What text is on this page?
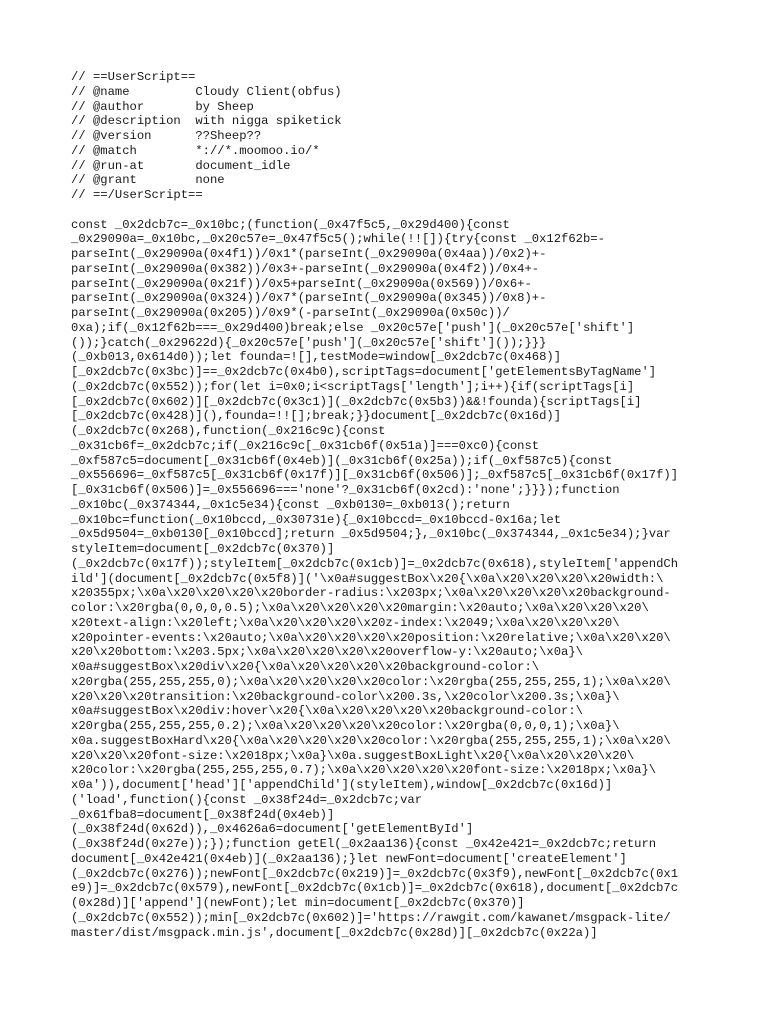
// ==UserScript==
// @name         Cloudy Client(obfus)
// @author       by Sheep
// @description  with nigga spiketick
// @version      ??Sheep??
// @match        *://*.moomoo.io/*
// @run-at       document_idle
// @grant        none
// ==/UserScript==
const _0x2dcb7c=_0x10bc;(function(_0x47f5c5,_0x29d400){const
_0x29090a=_0x10bc,_0x20c57e=_0x47f5c5();while(!![]){try{const _0x12f62b=-
parseInt(_0x29090a(0x4f1))/0x1*(parseInt(_0x29090a(0x4aa))/0x2)+-
parseInt(_0x29090a(0x382))/0x3+-parseInt(_0x29090a(0x4f2))/0x4+-
parseInt(_0x29090a(0x21f))/0x5+parseInt(_0x29090a(0x569))/0x6+-
parseInt(_0x29090a(0x324))/0x7*(parseInt(_0x29090a(0x345))/0x8)+-
parseInt(_0x29090a(0x205))/0x9*(-parseInt(_0x29090a(0x50c))/
0xa);if(_0x12f62b===_0x29d400)break;else _0x20c57e['push'](_0x20c57e['shift']
());}catch(_0x29622d){_0x20c57e['push'](_0x20c57e['shift']());}}}
(_0xb013,0x614d0));let founda=![],testMode=window[_0x2dcb7c(0x468)]
[_0x2dcb7c(0x3bc)]==_0x2dcb7c(0x4b0),scriptTags=document['getElementsByTagName']
(_0x2dcb7c(0x552));for(let i=0x0;i<scriptTags['length'];i++){if(scriptTags[i]
[_0x2dcb7c(0x602)][_0x2dcb7c(0x3c1)](_0x2dcb7c(0x5b3))&&!founda){scriptTags[i]
[_0x2dcb7c(0x428)](),founda=!![];break;}}document[_0x2dcb7c(0x16d)]
(_0x2dcb7c(0x268),function(_0x216c9c){const
_0x31cb6f=_0x2dcb7c;if(_0x216c9c[_0x31cb6f(0x51a)]===0xc0){const
_0xf587c5=document[_0x31cb6f(0x4eb)](_0x31cb6f(0x25a));if(_0xf587c5){const
_0x556696=_0xf587c5[_0x31cb6f(0x17f)][_0x31cb6f(0x506)];_0xf587c5[_0x31cb6f(0x17f)]
[_0x31cb6f(0x506)]=_0x556696==='none'?_0x31cb6f(0x2cd):'none';}}});function
_0x10bc(_0x374344,_0x1c5e34){const _0xb0130=_0xb013();return
_0x10bc=function(_0x10bccd,_0x30731e){_0x10bccd=_0x10bccd-0x16a;let
_0x5d9504=_0xb0130[_0x10bccd];return _0x5d9504;},_0x10bc(_0x374344,_0x1c5e34);}var
styleItem=document[_0x2dcb7c(0x370)]
(_0x2dcb7c(0x17f));styleItem[_0x2dcb7c(0x1cb)]=_0x2dcb7c(0x618),styleItem['appendCh
ild'](document[_0x2dcb7c(0x5f8)]('\x0a#suggestBox\x20{\x0a\x20\x20\x20\x20width:\
x20355px;\x0a\x20\x20\x20\x20border-radius:\x203px;\x0a\x20\x20\x20\x20background-
color:\x20rgba(0,0,0,0.5);\x0a\x20\x20\x20\x20margin:\x20auto;\x0a\x20\x20\x20\
x20text-align:\x20left;\x0a\x20\x20\x20\x20z-index:\x2049;\x0a\x20\x20\x20\
x20pointer-events:\x20auto;\x0a\x20\x20\x20\x20position:\x20relative;\x0a\x20\x20\
x20\x20bottom:\x203.5px;\x0a\x20\x20\x20\x20overflow-y:\x20auto;\x0a}\
x0a#suggestBox\x20div\x20{\x0a\x20\x20\x20\x20background-color:\
x20rgba(255,255,255,0);\x0a\x20\x20\x20\x20color:\x20rgba(255,255,255,1);\x0a\x20\
x20\x20\x20transition:\x20background-color\x200.3s,\x20color\x200.3s;\x0a}\
x0a#suggestBox\x20div:hover\x20{\x0a\x20\x20\x20\x20background-color:\
x20rgba(255,255,255,0.2);\x0a\x20\x20\x20\x20color:\x20rgba(0,0,0,1);\x0a}\
x0a.suggestBoxHard\x20{\x0a\x20\x20\x20\x20color:\x20rgba(255,255,255,1);\x0a\x20\
x20\x20\x20font-size:\x2018px;\x0a}\x0a.suggestBoxLight\x20{\x0a\x20\x20\x20\
x20color:\x20rgba(255,255,255,0.7);\x0a\x20\x20\x20\x20font-size:\x2018px;\x0a}\
x0a')),document['head']['appendChild'](styleItem),window[_0x2dcb7c(0x16d)]
('load',function(){const _0x38f24d=_0x2dcb7c;var
_0x61fba8=document[_0x38f24d(0x4eb)]
(_0x38f24d(0x62d)),_0x4626a6=document['getElementById']
(_0x38f24d(0x27e));});function getEl(_0x2aa136){const _0x42e421=_0x2dcb7c;return
document[_0x42e421(0x4eb)](_0x2aa136);}let newFont=document['createElement']
(_0x2dcb7c(0x276));newFont[_0x2dcb7c(0x219)]=_0x2dcb7c(0x3f9),newFont[_0x2dcb7c(0x1
e9)]=_0x2dcb7c(0x579),newFont[_0x2dcb7c(0x1cb)]=_0x2dcb7c(0x618),document[_0x2dcb7c
(0x28d)]['append'](newFont);let min=document[_0x2dcb7c(0x370)]
(_0x2dcb7c(0x552));min[_0x2dcb7c(0x602)]='https://rawgit.com/kawanet/msgpack-lite/
master/dist/msgpack.min.js',document[_0x2dcb7c(0x28d)][_0x2dcb7c(0x22a)]
